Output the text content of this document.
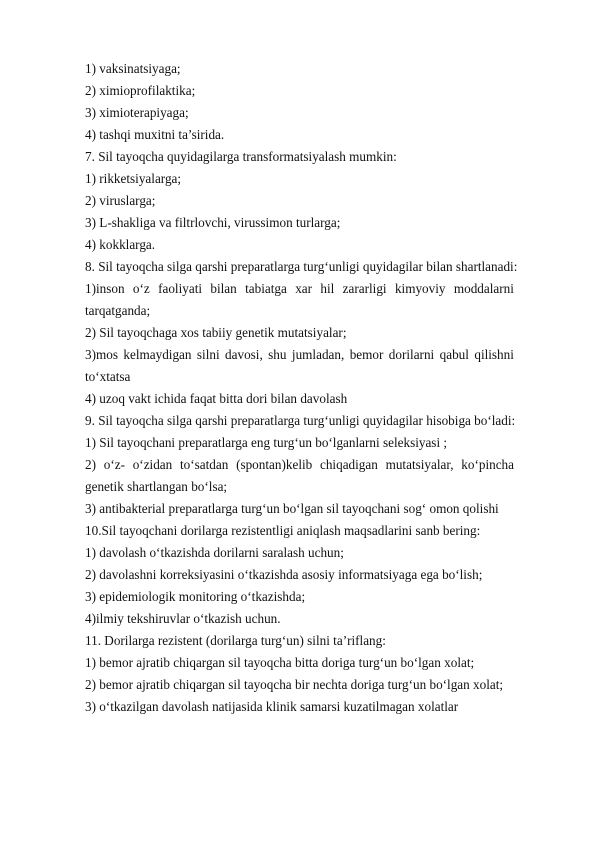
1) vaksinatsiyaga;
2) ximioprofilaktika;
3) ximioterapiyaga;
4) tashqi muxitni ta’sirida.
7. Sil tayoqcha quyidagilarga transformatsiyalash mumkin:
1) rikketsiyalarga;
2) viruslarga;
3) L-shakliga va filtrlovchi, virussimon turlarga;
4) kokklarga.
8. Sil tayoqcha silga qarshi preparatlarga turg‘unligi quyidagilar bilan shartlanadi:
1)inson o‘z faoliyati bilan tabiatga xar hil zararligi kimyoviy moddalarni
tarqatganda;
2) Sil tayoqchaga xos tabiiy genetik mutatsiyalar;
3)mos kelmaydigan silni davosi, shu jumladan, bemor dorilarni qabul qilishni
to‘xtatsa
4) uzoq vakt ichida faqat bitta dori bilan davolash
9. Sil tayoqcha silga qarshi preparatlarga turg‘unligi quyidagilar hisobiga bo‘ladi:
1) Sil tayoqchani preparatlarga eng turg‘un bo‘lganlarni seleksiyasi ;
2) o‘z- o‘zidan to‘satdan (spontan)kelib chiqadigan mutatsiyalar, ko‘pincha
genetik shartlangan bo‘lsa;
3) antibakterial preparatlarga turg‘un bo‘lgan sil tayoqchani sog‘ omon qolishi
10.Sil tayoqchani dorilarga rezistentligi aniqlash maqsadlarini sanb bering:
1) davolash o‘tkazishda dorilarni saralash uchun;
2) davolashni korreksiyasini o‘tkazishda asosiy informatsiyaga ega bo‘lish;
3) epidemiologik monitoring o‘tkazishda;
4)ilmiy tekshiruvlar o‘tkazish uchun.
11. Dorilarga rezistent (dorilarga turg‘un) silni ta’riflang:
1) bemor ajratib chiqargan sil tayoqcha bitta doriga turg‘un bo‘lgan xolat;
2) bemor ajratib chiqargan sil tayoqcha bir nechta doriga turg‘un bo‘lgan xolat;
3) o‘tkazilgan davolash natijasida klinik samarsi kuzatilmagan xolatlar
